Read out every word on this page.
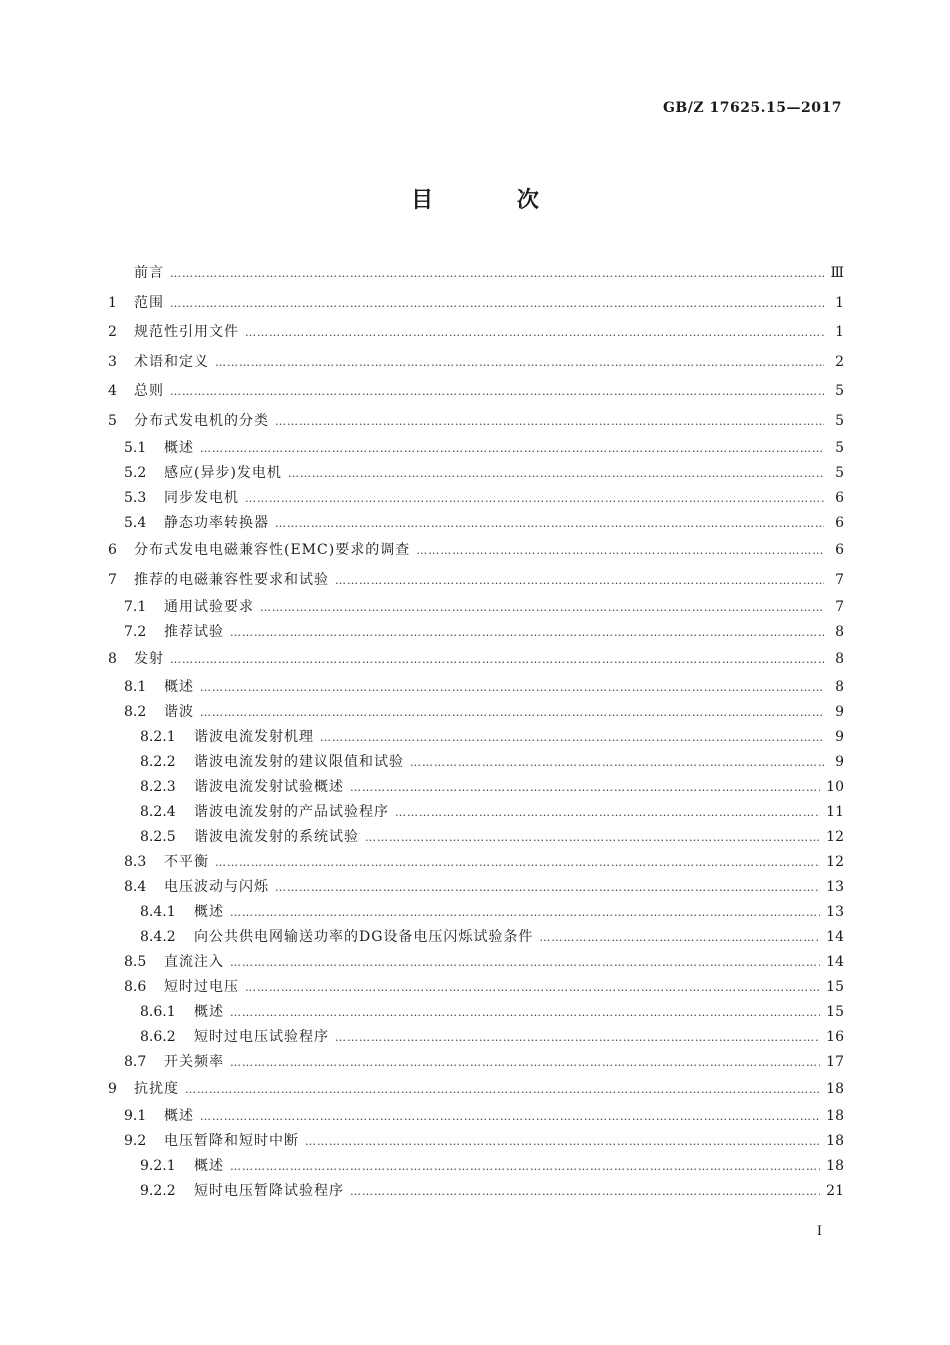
GB/Z 17625.15—2017
目 次
前言 ……………………………………………………………………………………………………………………………………………………………………………………………………………………	Ⅲ
1	范围 ……………………………………………………………………………………………………………………………………………………………………………………………………………………	1
2	规范性引用文件 ……………………………………………………………………………………………………………………………………………………………………………………………………………………	1
3	术语和定义 ……………………………………………………………………………………………………………………………………………………………………………………………………………………	2
4	总则 ……………………………………………………………………………………………………………………………………………………………………………………………………………………	5
5	分布式发电机的分类 ……………………………………………………………………………………………………………………………………………………………………………………………………………………	5
5.1	概述 ……………………………………………………………………………………………………………………………………………………………………………………………………………………	5
5.2	感应(异步)发电机 ……………………………………………………………………………………………………………………………………………………………………………………………………………………	5
5.3	同步发电机 ……………………………………………………………………………………………………………………………………………………………………………………………………………………	6
5.4	静态功率转换器 ……………………………………………………………………………………………………………………………………………………………………………………………………………………	6
6	分布式发电电磁兼容性(EMC)要求的调查 ……………………………………………………………………………………………………………………………………………………………………………………………………………………	6
7	推荐的电磁兼容性要求和试验 ……………………………………………………………………………………………………………………………………………………………………………………………………………………	7
7.1	通用试验要求 ……………………………………………………………………………………………………………………………………………………………………………………………………………………	7
7.2	推荐试验 ……………………………………………………………………………………………………………………………………………………………………………………………………………………	8
8	发射 ……………………………………………………………………………………………………………………………………………………………………………………………………………………	8
8.1	概述 ……………………………………………………………………………………………………………………………………………………………………………………………………………………	8
8.2	谐波 ……………………………………………………………………………………………………………………………………………………………………………………………………………………	9
8.2.1	谐波电流发射机理 ……………………………………………………………………………………………………………………………………………………………………………………………………………………	9
8.2.2	谐波电流发射的建议限值和试验 ……………………………………………………………………………………………………………………………………………………………………………………………………………………	9
8.2.3	谐波电流发射试验概述 ……………………………………………………………………………………………………………………………………………………………………………………………………………………	10
8.2.4	谐波电流发射的产品试验程序 ……………………………………………………………………………………………………………………………………………………………………………………………………………………	11
8.2.5	谐波电流发射的系统试验 ……………………………………………………………………………………………………………………………………………………………………………………………………………………	12
8.3	不平衡 ……………………………………………………………………………………………………………………………………………………………………………………………………………………	12
8.4	电压波动与闪烁 ……………………………………………………………………………………………………………………………………………………………………………………………………………………	13
8.4.1	概述 ……………………………………………………………………………………………………………………………………………………………………………………………………………………	13
8.4.2	向公共供电网输送功率的DG设备电压闪烁试验条件 ……………………………………………………………………………………………………………………………………………………………………………………………………………………	14
8.5	直流注入 ……………………………………………………………………………………………………………………………………………………………………………………………………………………	14
8.6	短时过电压 ……………………………………………………………………………………………………………………………………………………………………………………………………………………	15
8.6.1	概述 ……………………………………………………………………………………………………………………………………………………………………………………………………………………	15
8.6.2	短时过电压试验程序 ……………………………………………………………………………………………………………………………………………………………………………………………………………………	16
8.7	开关频率 ……………………………………………………………………………………………………………………………………………………………………………………………………………………	17
9	抗扰度 ……………………………………………………………………………………………………………………………………………………………………………………………………………………	18
9.1	概述 ……………………………………………………………………………………………………………………………………………………………………………………………………………………	18
9.2	电压暂降和短时中断 ……………………………………………………………………………………………………………………………………………………………………………………………………………………	18
9.2.1	概述 ……………………………………………………………………………………………………………………………………………………………………………………………………………………	18
9.2.2	短时电压暂降试验程序 ……………………………………………………………………………………………………………………………………………………………………………………………………………………	21
I
